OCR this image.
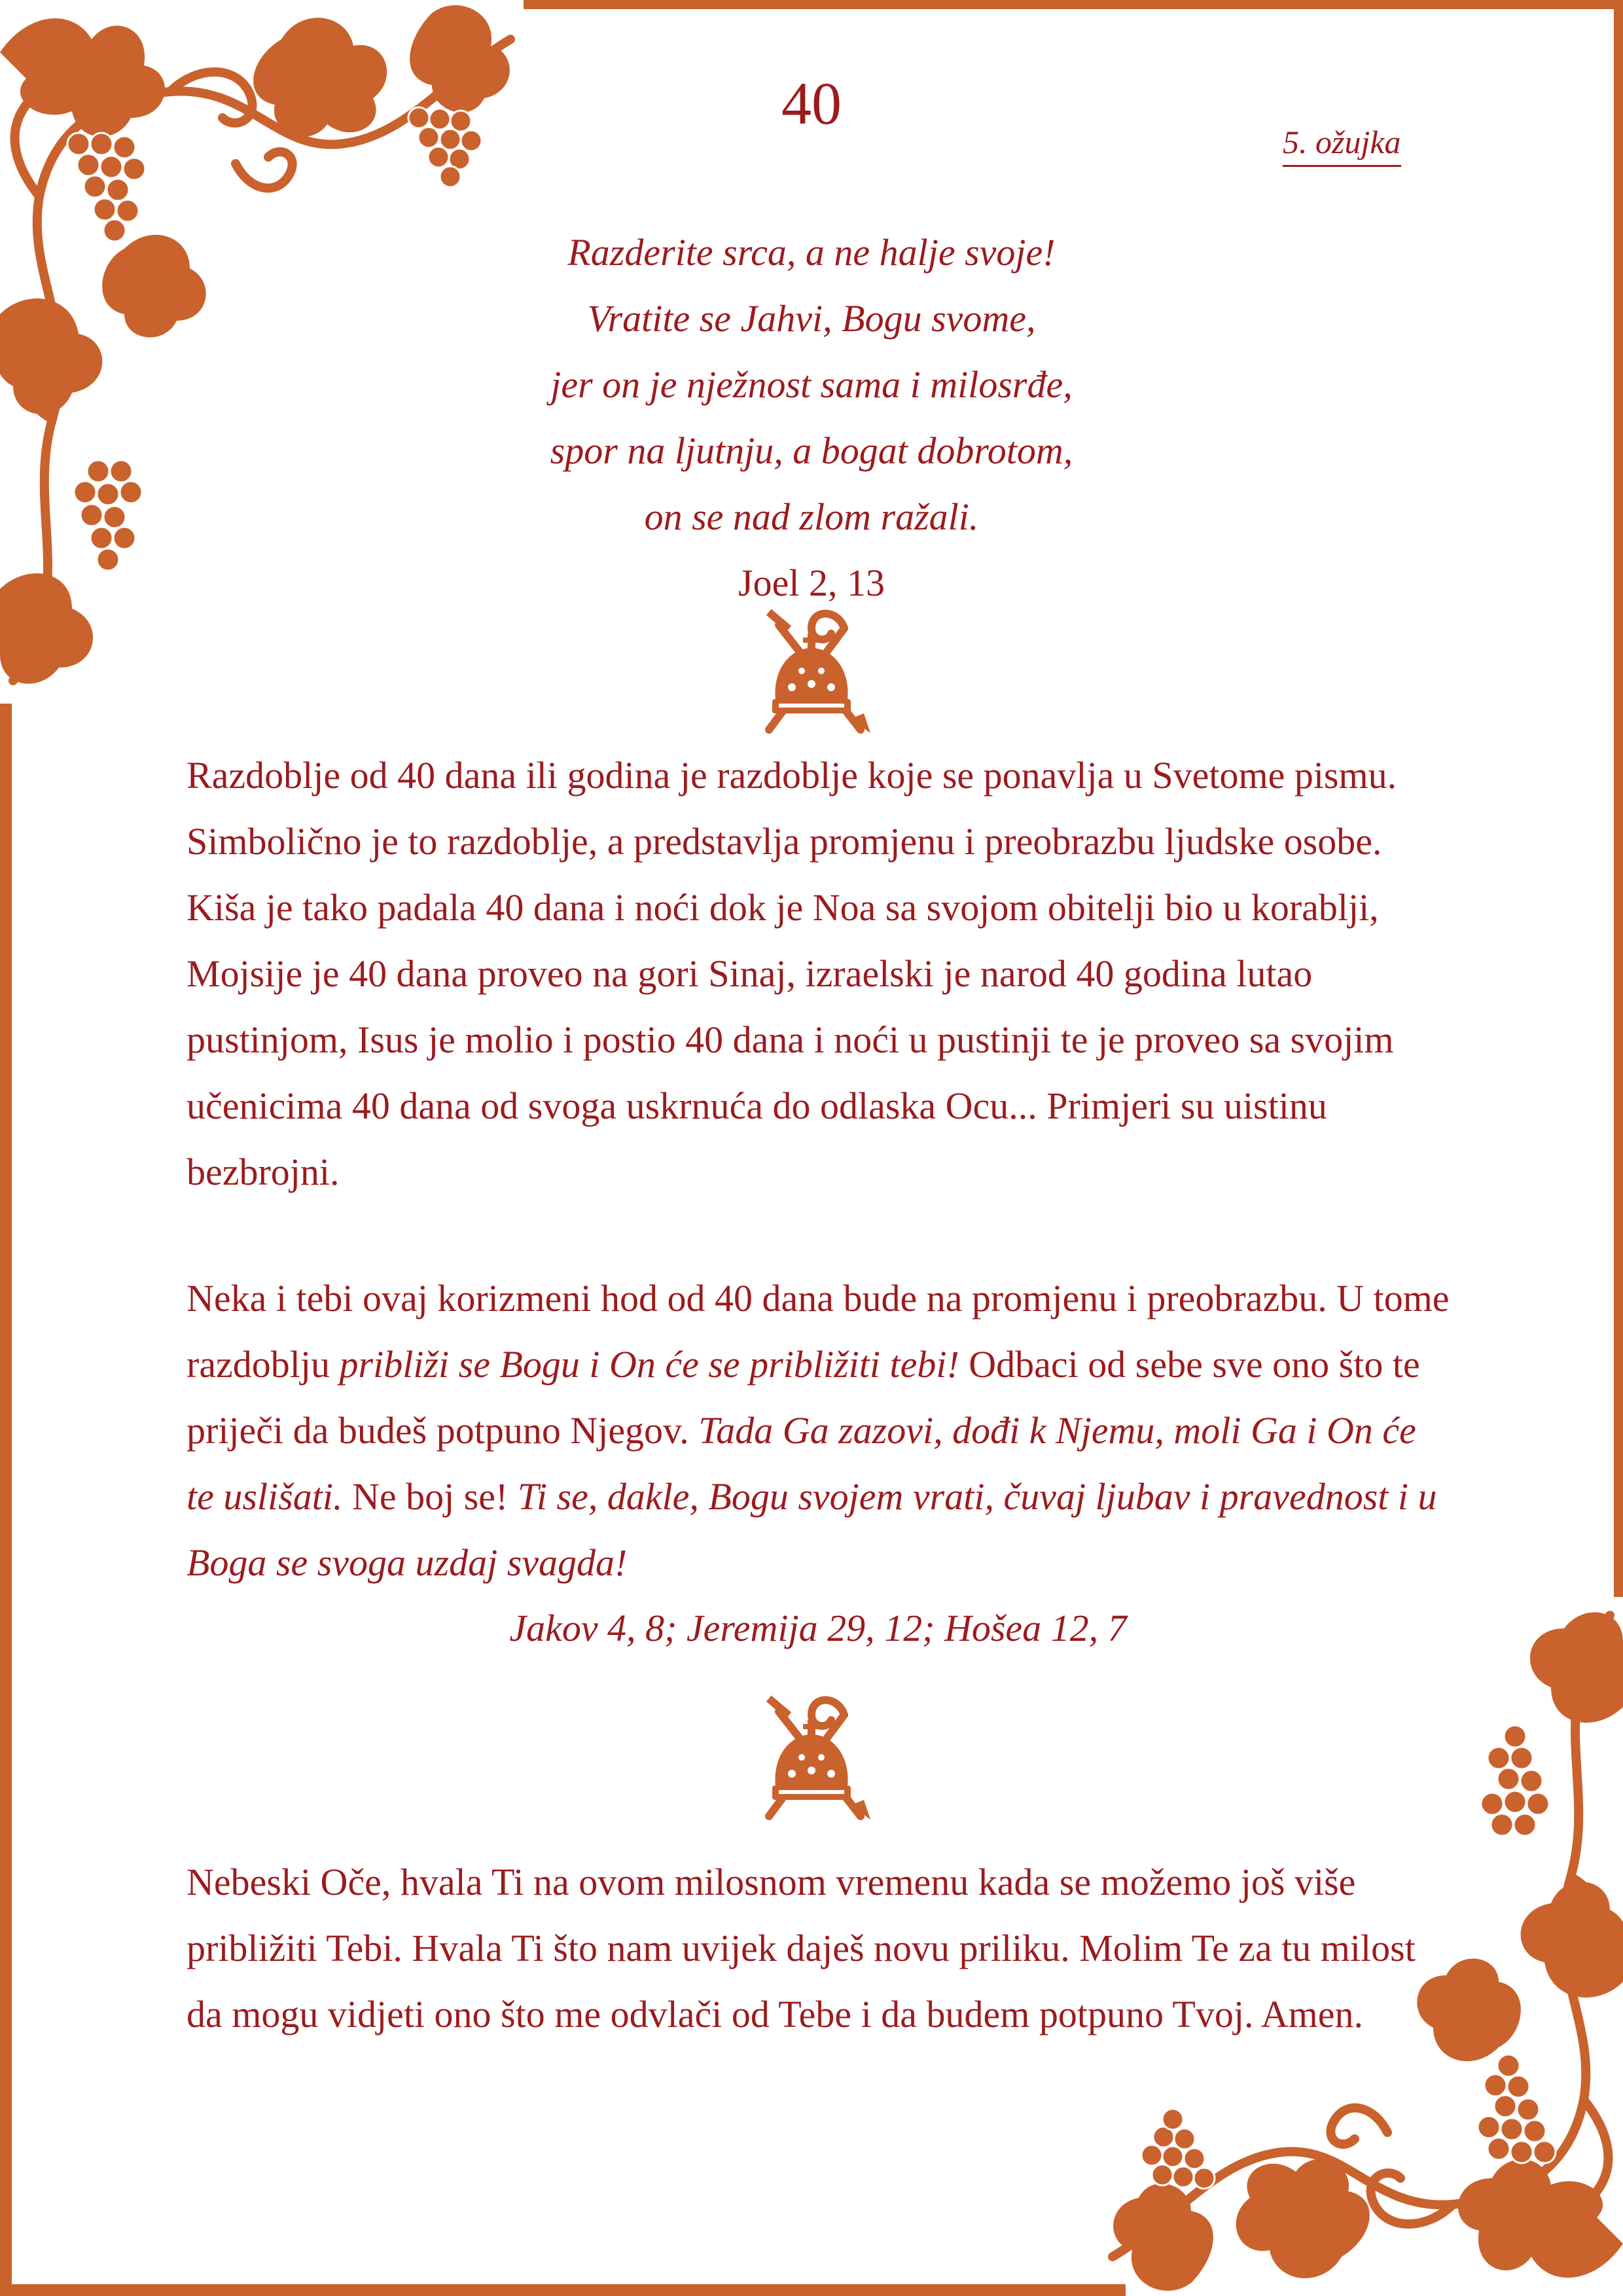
40
5. ožujka
Razderite srca, a ne halje svoje!
Vratite se Jahvi, Bogu svome,
jer on je nježnost sama i milosrđe,
spor na ljutnju, a bogat dobrotom,
on se nad zlom ražali.
Joel 2, 13
Razdoblje od 40 dana ili godina je razdoblje koje se ponavlja u Svetome pismu. Simbolično je to razdoblje, a predstavlja promjenu i preobrazbu ljudske osobe. Kiša je tako padala 40 dana i noći dok je Noa sa svojom obitelji bio u korablji, Mojsije je 40 dana proveo na gori Sinaj, izraelski je narod 40 godina lutao pustinjom, Isus je molio i postio 40 dana i noći u pustinji te je proveo sa svojim učenicima 40 dana od svoga uskrnuća do odlaska Ocu... Primjeri su uistinu bezbrojni.
Neka i tebi ovaj korizmeni hod od 40 dana bude na promjenu i preobrazbu. U tome razdoblju približi se Bogu i On će se približiti tebi! Odbaci od sebe sve ono što te priječi da budeš potpuno Njegov. Tada Ga zazovi, dođi k Njemu, moli Ga i On će te uslišati. Ne boj se! Ti se, dakle, Bogu svojem vrati, čuvaj ljubav i pravednost i u Boga se svoga uzdaj svagda!
Jakov 4, 8; Jeremija 29, 12; Hošea 12, 7
Nebeski Oče, hvala Ti na ovom milosnom vremenu kada se možemo još više približiti Tebi. Hvala Ti što nam uvijek daješ novu priliku. Molim Te za tu milost da mogu vidjeti ono što me odvlači od Tebe i da budem potpuno Tvoj. Amen.
